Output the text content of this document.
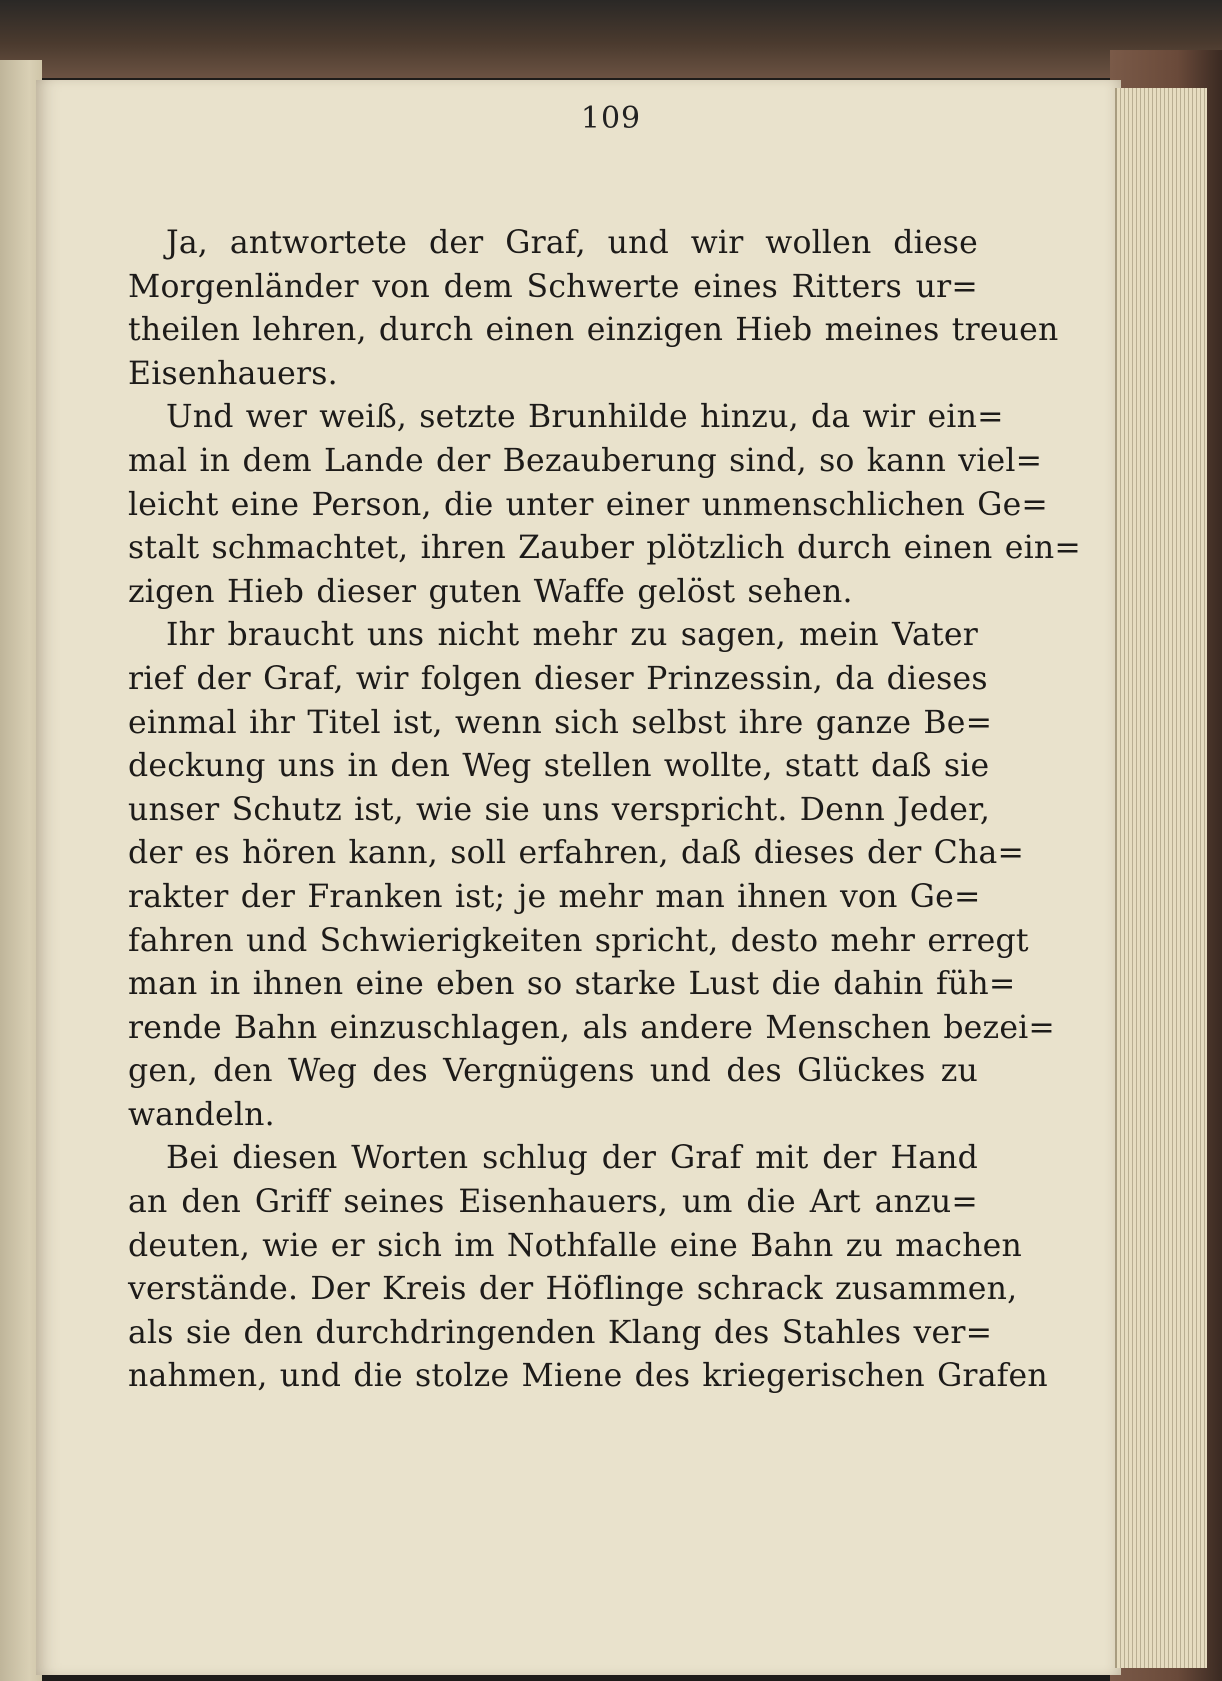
109
Ja, antwortete der Graf, und wir wollen diese
Morgenländer von dem Schwerte eines Ritters ur=
theilen lehren, durch einen einzigen Hieb meines treuen
Eisenhauers.
Und wer weiß, setzte Brunhilde hinzu, da wir ein=
mal in dem Lande der Bezauberung sind, so kann viel=
leicht eine Person, die unter einer unmenschlichen Ge=
stalt schmachtet, ihren Zauber plötzlich durch einen ein=
zigen Hieb dieser guten Waffe gelöst sehen.
Ihr braucht uns nicht mehr zu sagen, mein Vater
rief der Graf, wir folgen dieser Prinzessin, da dieses
einmal ihr Titel ist, wenn sich selbst ihre ganze Be=
deckung uns in den Weg stellen wollte, statt daß sie
unser Schutz ist, wie sie uns verspricht. Denn Jeder,
der es hören kann, soll erfahren, daß dieses der Cha=
rakter der Franken ist; je mehr man ihnen von Ge=
fahren und Schwierigkeiten spricht, desto mehr erregt
man in ihnen eine eben so starke Lust die dahin füh=
rende Bahn einzuschlagen, als andere Menschen bezei=
gen, den Weg des Vergnügens und des Glückes zu
wandeln.
Bei diesen Worten schlug der Graf mit der Hand
an den Griff seines Eisenhauers, um die Art anzu=
deuten, wie er sich im Nothfalle eine Bahn zu machen
verstände. Der Kreis der Höflinge schrack zusammen,
als sie den durchdringenden Klang des Stahles ver=
nahmen, und die stolze Miene des kriegerischen Grafen
